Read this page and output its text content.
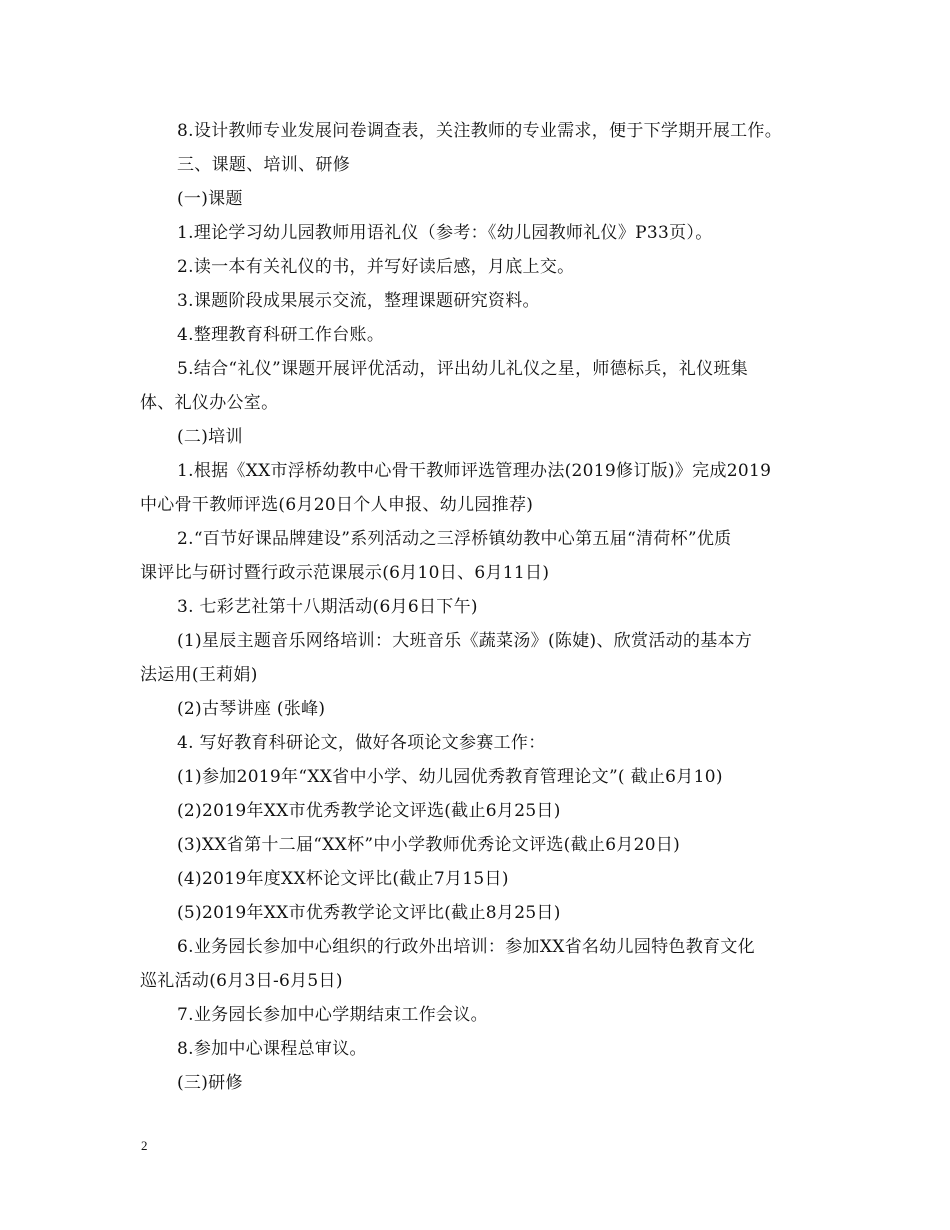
8.设计教师专业发展问卷调查表，关注教师的专业需求，便于下学期开展工作。
三、课题、培训、研修
(一)课题
1.理论学习幼儿园教师用语礼仪（参考：《幼儿园教师礼仪》P33页）。
2.读一本有关礼仪的书，并写好读后感，月底上交。
3.课题阶段成果展示交流，整理课题研究资料。
4.整理教育科研工作台账。
5.结合“礼仪”课题开展评优活动，评出幼儿礼仪之星，师德标兵，礼仪班集
体、礼仪办公室。
(二)培训
1.根据《XX市浮桥幼教中心骨干教师评选管理办法(2019修订版)》完成2019
中心骨干教师评选(6月20日个人申报、幼儿园推荐)
2.“百节好课品牌建设”系列活动之三浮桥镇幼教中心第五届“清荷杯”优质
课评比与研讨暨行政示范课展示(6月10日、6月11日)
3. 七彩艺社第十八期活动(6月6日下午)
(1)星辰主题音乐网络培训：大班音乐《蔬菜汤》(陈婕)、欣赏活动的基本方
法运用(王莉娟)
(2)古琴讲座 (张峰)
4. 写好教育科研论文，做好各项论文参赛工作：
(1)参加2019年“XX省中小学、幼儿园优秀教育管理论文”( 截止6月10)
(2)2019年XX市优秀教学论文评选(截止6月25日)
(3)XX省第十二届“XX杯”中小学教师优秀论文评选(截止6月20日)
(4)2019年度XX杯论文评比(截止7月15日)
(5)2019年XX市优秀教学论文评比(截止8月25日)
6.业务园长参加中心组织的行政外出培训：参加XX省名幼儿园特色教育文化
巡礼活动(6月3日-6月5日)
7.业务园长参加中心学期结束工作会议。
8.参加中心课程总审议。
(三)研修
2
